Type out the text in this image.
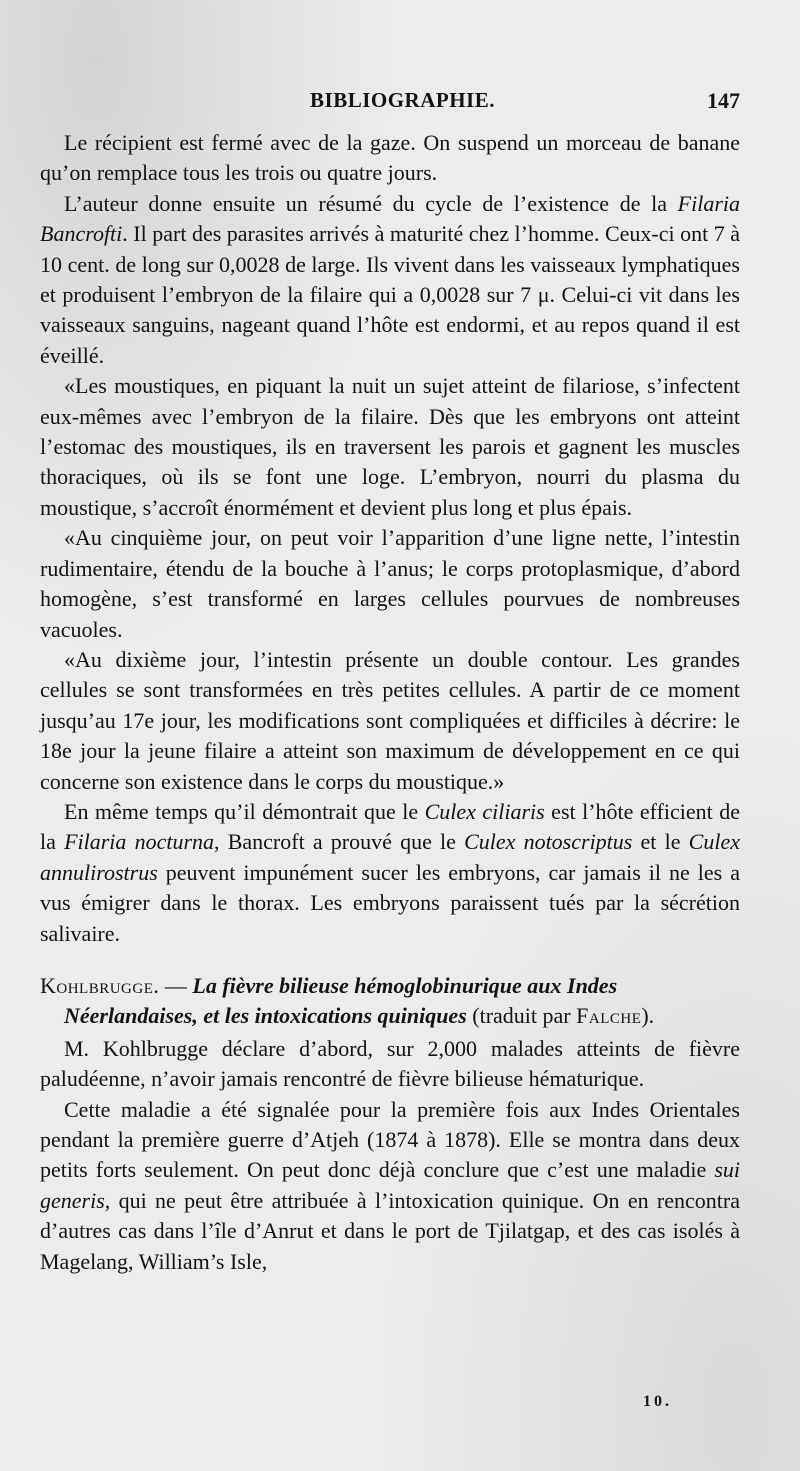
BIBLIOGRAPHIE.	147

Le récipient est fermé avec de la gaze. On suspend un morceau de banane qu’on remplace tous les trois ou quatre jours.

L’auteur donne ensuite un résumé du cycle de l’existence de la Filaria Bancrofti. Il part des parasites arrivés à maturité chez l’homme. Ceux-ci ont 7 à 10 cent. de long sur 0,0028 de large. Ils vivent dans les vaisseaux lymphatiques et produisent l’embryon de la filaire qui a 0,0028 sur 7 μ. Celui-ci vit dans les vaisseaux sanguins, nageant quand l’hôte est endormi, et au repos quand il est éveillé.

«Les moustiques, en piquant la nuit un sujet atteint de filariose, s’infectent eux-mêmes avec l’embryon de la filaire. Dès que les embryons ont atteint l’estomac des moustiques, ils en traversent les parois et gagnent les muscles thoraciques, où ils se font une loge. L’embryon, nourri du plasma du moustique, s’accroît énormément et devient plus long et plus épais.

«Au cinquième jour, on peut voir l’apparition d’une ligne nette, l’intestin rudimentaire, étendu de la bouche à l’anus; le corps protoplasmique, d’abord homogène, s’est transformé en larges cellules pourvues de nombreuses vacuoles.

«Au dixième jour, l’intestin présente un double contour. Les grandes cellules se sont transformées en très petites cellules. A partir de ce moment jusqu’au 17e jour, les modifications sont compliquées et difficiles à décrire: le 18e jour la jeune filaire a atteint son maximum de développement en ce qui concerne son existence dans le corps du moustique.»

En même temps qu’il démontrait que le Culex ciliaris est l’hôte efficient de la Filaria nocturna, Bancroft a prouvé que le Culex notoscriptus et le Culex annulirostrus peuvent impunément sucer les embryons, car jamais il ne les a vus émigrer dans le thorax. Les embryons paraissent tués par la sécrétion salivaire.

Kohlbrugge. — La fièvre bilieuse hémoglobinurique aux Indes
Néerlandaises, et les intoxications quiniques (traduit par Falche).

M. Kohlbrugge déclare d’abord, sur 2,000 malades atteints de fièvre paludéenne, n’avoir jamais rencontré de fièvre bilieuse hématurique.

Cette maladie a été signalée pour la première fois aux Indes Orientales pendant la première guerre d’Atjeh (1874 à 1878). Elle se montra dans deux petits forts seulement. On peut donc déjà conclure que c’est une maladie sui generis, qui ne peut être attribuée à l’intoxication quinique. On en rencontra d’autres cas dans l’île d’Anrut et dans le port de Tjilatgap, et des cas isolés à Magelang, William’s Isle,

10.
